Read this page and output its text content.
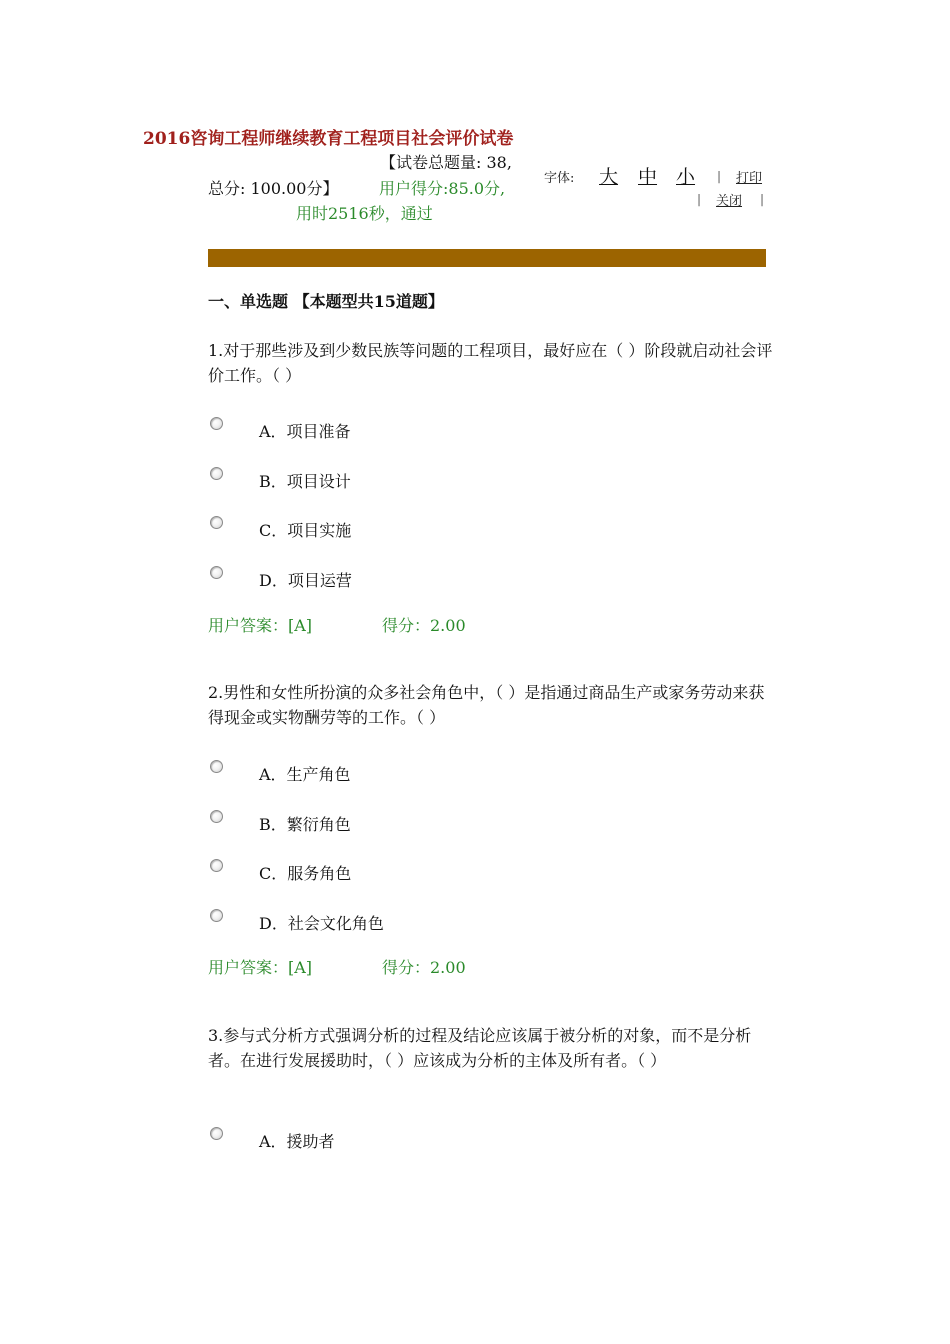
2016咨询工程师继续教育工程项目社会评价试卷
【试卷总题量: 38,
总分: 100.00分】	用户得分:85.0分,
用时2516秒，通过
字体: 大 中 小	| 打印
| 关闭 |
一、单选题 【本题型共15道题】
1.对于那些涉及到少数民族等问题的工程项目，最好应在（ ）阶段就启动社会评价工作。（ ）
A．项目准备
B．项目设计
C．项目实施
D．项目运营
用户答案：[A]	得分：2.00
2.男性和女性所扮演的众多社会角色中，（ ）是指通过商品生产或家务劳动来获得现金或实物酬劳等的工作。（ ）
A．生产角色
B．繁衍角色
C．服务角色
D．社会文化角色
用户答案：[A]	得分：2.00
3.参与式分析方式强调分析的过程及结论应该属于被分析的对象，而不是分析者。在进行发展援助时，（ ）应该成为分析的主体及所有者。（ ）
A．援助者
